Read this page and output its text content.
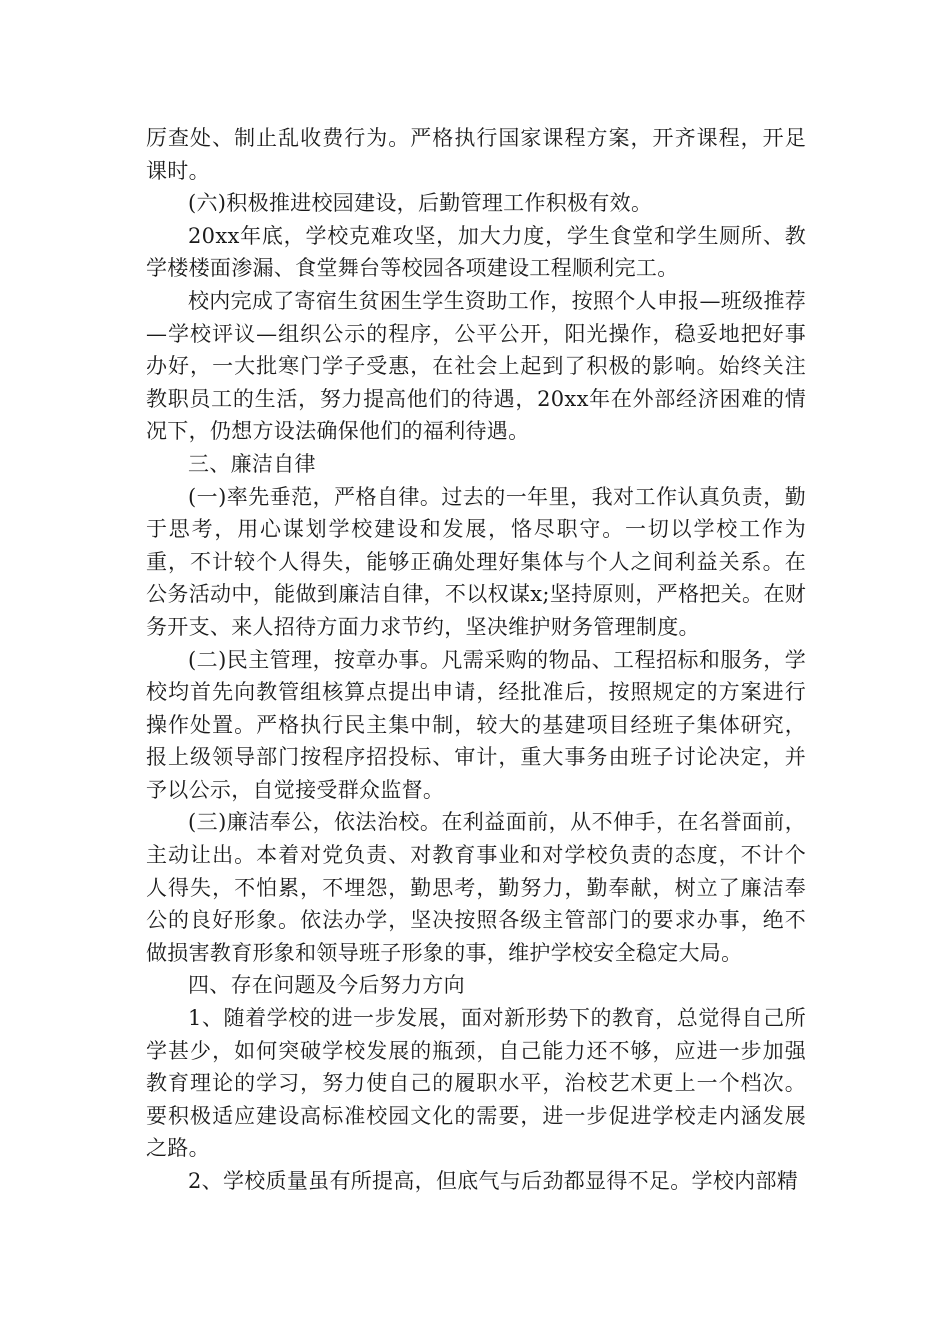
厉查处、制止乱收费行为。严格执行国家课程方案，开齐课程，开足课时。

(六)积极推进校园建设，后勤管理工作积极有效。

20xx年底，学校克难攻坚，加大力度，学生食堂和学生厕所、教学楼楼面渗漏、食堂舞台等校园各项建设工程顺利完工。

校内完成了寄宿生贫困生学生资助工作，按照个人申报—班级推荐—学校评议—组织公示的程序，公平公开，阳光操作，稳妥地把好事办好，一大批寒门学子受惠，在社会上起到了积极的影响。始终关注教职员工的生活，努力提高他们的待遇，20xx年在外部经济困难的情况下，仍想方设法确保他们的福利待遇。

三、廉洁自律

(一)率先垂范，严格自律。过去的一年里，我对工作认真负责，勤于思考，用心谋划学校建设和发展，恪尽职守。一切以学校工作为重，不计较个人得失，能够正确处理好集体与个人之间利益关系。在公务活动中，能做到廉洁自律，不以权谋x;坚持原则，严格把关。在财务开支、来人招待方面力求节约，坚决维护财务管理制度。

(二)民主管理，按章办事。凡需采购的物品、工程招标和服务，学校均首先向教管组核算点提出申请，经批准后，按照规定的方案进行操作处置。严格执行民主集中制，较大的基建项目经班子集体研究，报上级领导部门按程序招投标、审计，重大事务由班子讨论决定，并予以公示，自觉接受群众监督。

(三)廉洁奉公，依法治校。在利益面前，从不伸手，在名誉面前，主动让出。本着对党负责、对教育事业和对学校负责的态度，不计个人得失，不怕累，不埋怨，勤思考，勤努力，勤奉献，树立了廉洁奉公的良好形象。依法办学，坚决按照各级主管部门的要求办事，绝不做损害教育形象和领导班子形象的事，维护学校安全稳定大局。

四、存在问题及今后努力方向

1、随着学校的进一步发展，面对新形势下的教育，总觉得自己所学甚少，如何突破学校发展的瓶颈，自己能力还不够，应进一步加强教育理论的学习，努力使自己的履职水平，治校艺术更上一个档次。要积极适应建设高标准校园文化的需要，进一步促进学校走内涵发展之路。

2、学校质量虽有所提高，但底气与后劲都显得不足。学校内部精
